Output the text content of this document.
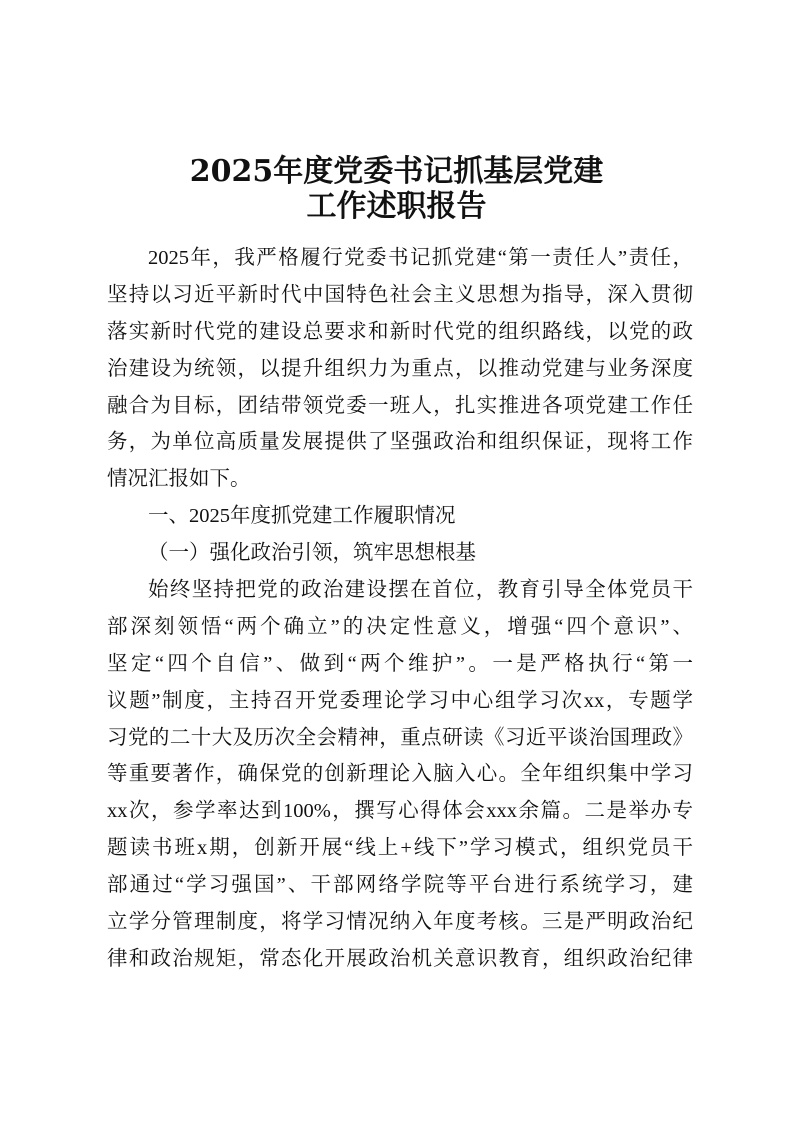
2025年度党委书记抓基层党建
工作述职报告
2025年，我严格履行党委书记抓党建“第一责任人”责任，
坚持以习近平新时代中国特色社会主义思想为指导，深入贯彻
落实新时代党的建设总要求和新时代党的组织路线，以党的政
治建设为统领，以提升组织力为重点，以推动党建与业务深度
融合为目标，团结带领党委一班人，扎实推进各项党建工作任
务，为单位高质量发展提供了坚强政治和组织保证，现将工作
情况汇报如下。
一、2025年度抓党建工作履职情况
（一）强化政治引领，筑牢思想根基
始终坚持把党的政治建设摆在首位，教育引导全体党员干
部深刻领悟“两个确立”的决定性意义，增强“四个意识”、
坚定“四个自信”、做到“两个维护”。一是严格执行“第一
议题”制度，主持召开党委理论学习中心组学习次xx，专题学
习党的二十大及历次全会精神，重点研读《习近平谈治国理政》
等重要著作，确保党的创新理论入脑入心。全年组织集中学习
xx次，参学率达到100%，撰写心得体会xxx余篇。二是举办专
题读书班x期，创新开展“线上+线下”学习模式，组织党员干
部通过“学习强国”、干部网络学院等平台进行系统学习，建
立学分管理制度，将学习情况纳入年度考核。三是严明政治纪
律和政治规矩，常态化开展政治机关意识教育，组织政治纪律
